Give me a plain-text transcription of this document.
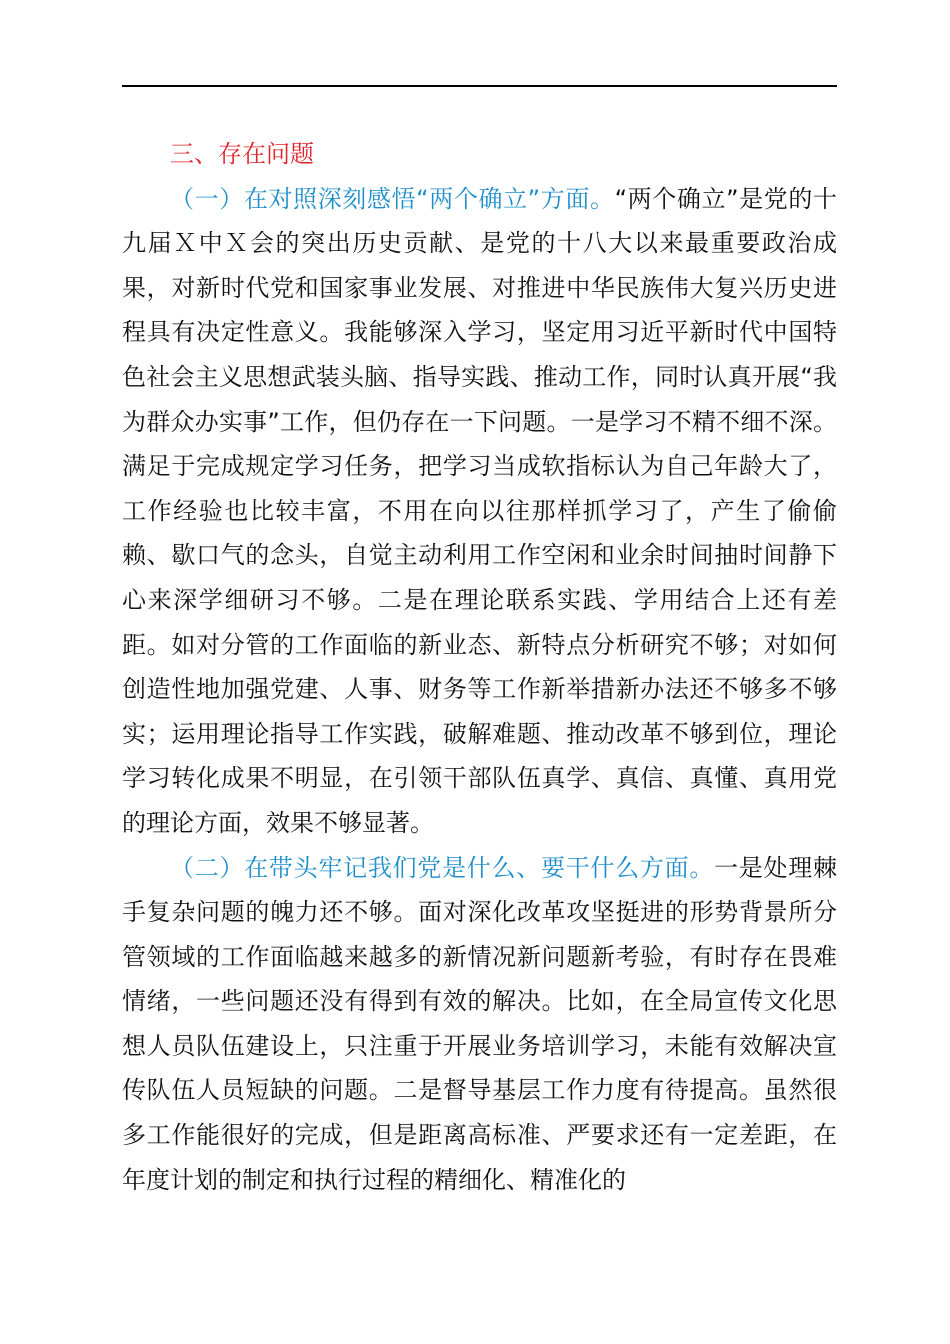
三、存在问题

（一）在对照深刻感悟“两个确立”方面。“两个确立”是党的十九届Ｘ中Ｘ会的突出历史贡献、是党的十八大以来最重要政治成果，对新时代党和国家事业发展、对推进中华民族伟大复兴历史进程具有决定性意义。我能够深入学习，坚定用习近平新时代中国特色社会主义思想武装头脑、指导实践、推动工作，同时认真开展“我为群众办实事”工作，但仍存在一下问题。一是学习不精不细不深。满足于完成规定学习任务，把学习当成软指标认为自己年龄大了，工作经验也比较丰富，不用在向以往那样抓学习了，产生了偷偷赖、歇口气的念头，自觉主动利用工作空闲和业余时间抽时间静下心来深学细研习不够。二是在理论联系实践、学用结合上还有差距。如对分管的工作面临的新业态、新特点分析研究不够；对如何创造性地加强党建、人事、财务等工作新举措新办法还不够多不够实；运用理论指导工作实践，破解难题、推动改革不够到位，理论学习转化成果不明显，在引领干部队伍真学、真信、真懂、真用党的理论方面，效果不够显著。

（二）在带头牢记我们党是什么、要干什么方面。一是处理棘手复杂问题的魄力还不够。面对深化改革攻坚挺进的形势背景所分管领域的工作面临越来越多的新情况新问题新考验，有时存在畏难情绪，一些问题还没有得到有效的解决。比如，在全局宣传文化思想人员队伍建设上，只注重于开展业务培训学习，未能有效解决宣传队伍人员短缺的问题。二是督导基层工作力度有待提高。虽然很多工作能很好的完成，但是距离高标准、严要求还有一定差距，在年度计划的制定和执行过程的精细化、精准化的
